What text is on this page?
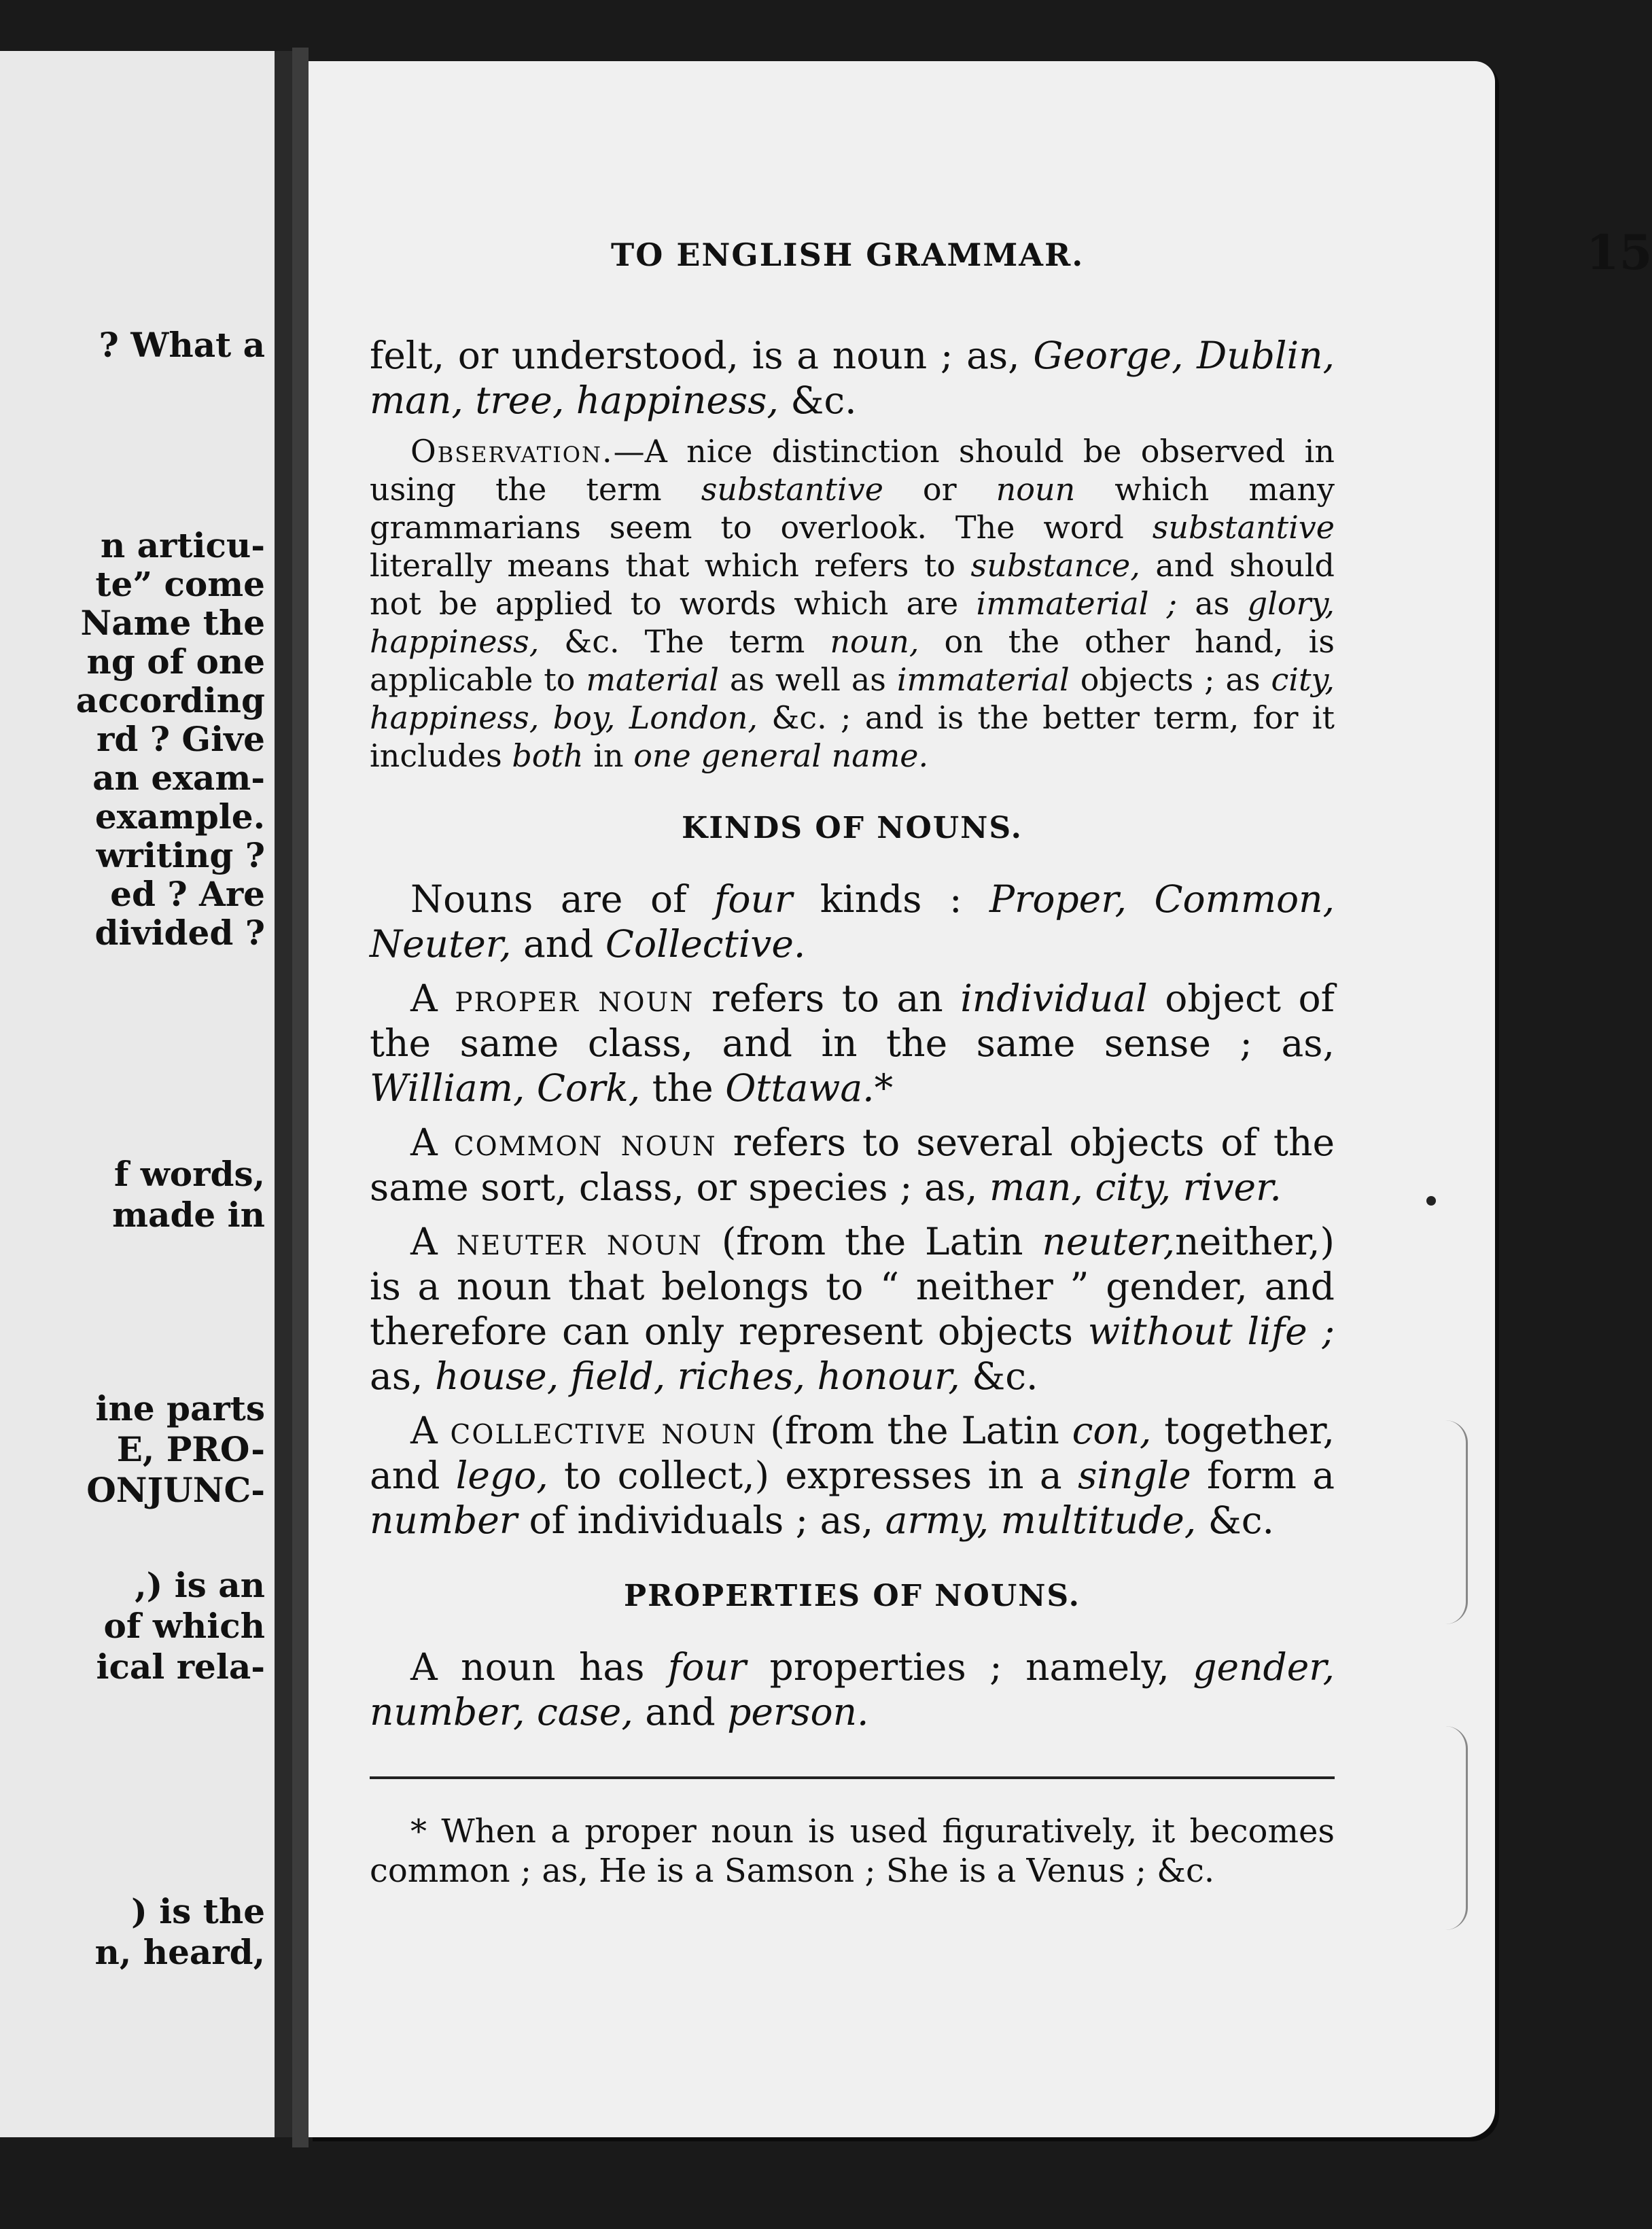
? What a
n articu-
te” come
Name the
ng of one
according
rd ? Give
an exam-
example.
writing ?
ed ? Are
divided ?
f words,
made in
ine parts
E, PRO-
ONJUNC-
,) is an
of which
ical rela-
) is the
n, heard,
TO ENGLISH GRAMMAR.	15

felt, or understood, is a noun ; as, George, Dublin, man, tree, happiness, &c.

Observation.—A nice distinction should be observed in using the term substantive or noun which many grammarians seem to overlook. The word substantive literally means that which refers to substance, and should not be applied to words which are immaterial ; as glory, happiness, &c. The term noun, on the other hand, is applicable to material as well as immaterial objects ; as city, happiness, boy, London, &c. ; and is the better term, for it includes both in one general name.

KINDS OF NOUNS.

Nouns are of four kinds : Proper, Common, Neuter, and Collective.

A proper noun refers to an individual object of the same class, and in the same sense ; as, William, Cork, the Ottawa.*

A common noun refers to several objects of the same sort, class, or species ; as, man, city, river.

A neuter noun (from the Latin neuter,neither,) is a noun that belongs to “ neither ” gender, and therefore can only represent objects without life ; as, house, field, riches, honour, &c.

A collective noun (from the Latin con, together, and lego, to collect,) expresses in a single form a number of individuals ; as, army, multitude, &c.

PROPERTIES OF NOUNS.

A noun has four properties ; namely, gender, number, case, and person.

* When a proper noun is used figuratively, it becomes common ; as, He is a Samson ; She is a Venus ; &c.
